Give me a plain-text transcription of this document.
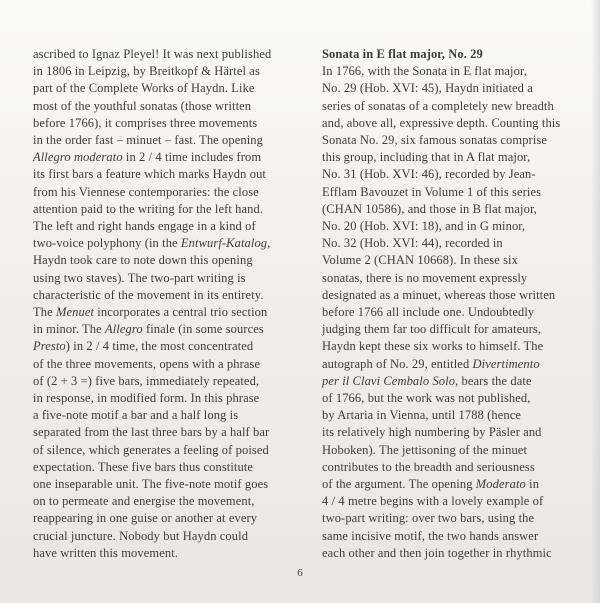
ascribed to Ignaz Pleyel! It was next published
in 1806 in Leipzig, by Breitkopf & Härtel as
part of the Complete Works of Haydn. Like
most of the youthful sonatas (those written
before 1766), it comprises three movements
in the order fast – minuet – fast. The opening
Allegro moderato in 2 / 4 time includes from
its first bars a feature which marks Haydn out
from his Viennese contemporaries: the close
attention paid to the writing for the left hand.
The left and right hands engage in a kind of
two-voice polyphony (in the Entwurf-Katalog,
Haydn took care to note down this opening
using two staves). The two-part writing is
characteristic of the movement in its entirety.
The Menuet incorporates a central trio section
in minor. The Allegro finale (in some sources
Presto) in 2 / 4 time, the most concentrated
of the three movements, opens with a phrase
of (2 + 3 =) five bars, immediately repeated,
in response, in modified form. In this phrase
a five-note motif a bar and a half long is
separated from the last three bars by a half bar
of silence, which generates a feeling of poised
expectation. These five bars thus constitute
one inseparable unit. The five-note motif goes
on to permeate and energise the movement,
reappearing in one guise or another at every
crucial juncture. Nobody but Haydn could
have written this movement.
Sonata in E flat major, No. 29
In 1766, with the Sonata in E flat major,
No. 29 (Hob. XVI: 45), Haydn initiated a
series of sonatas of a completely new breadth
and, above all, expressive depth. Counting this
Sonata No. 29, six famous sonatas comprise
this group, including that in A flat major,
No. 31 (Hob. XVI: 46), recorded by Jean-
Efflam Bavouzet in Volume 1 of this series
(CHAN 10586), and those in B flat major,
No. 20 (Hob. XVI: 18), and in G minor,
No. 32 (Hob. XVI: 44), recorded in
Volume 2 (CHAN 10668). In these six
sonatas, there is no movement expressly
designated as a minuet, whereas those written
before 1766 all include one. Undoubtedly
judging them far too difficult for amateurs,
Haydn kept these six works to himself. The
autograph of No. 29, entitled Divertimento
per il Clavi Cembalo Solo, bears the date
of 1766, but the work was not published,
by Artaria in Vienna, until 1788 (hence
its relatively high numbering by Päsler and
Hoboken). The jettisoning of the minuet
contributes to the breadth and seriousness
of the argument. The opening Moderato in
4 / 4 metre begins with a lovely example of
two-part writing: over two bars, using the
same incisive motif, the two hands answer
each other and then join together in rhythmic
6
